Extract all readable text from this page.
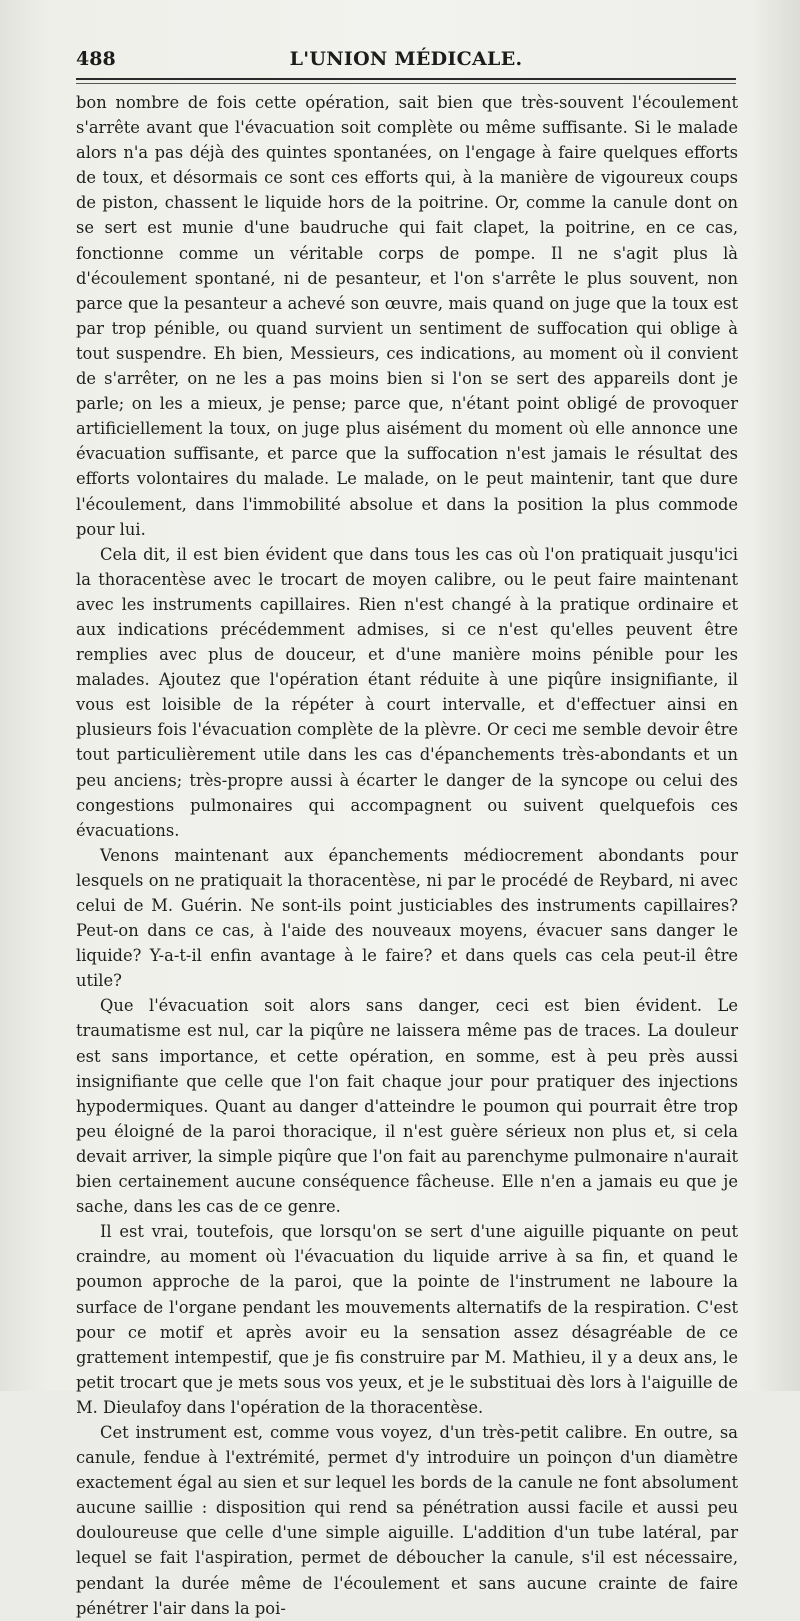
488	L'UNION MÉDICALE.

bon nombre de fois cette opération, sait bien que très-souvent l'écoulement s'arrête avant que l'évacuation soit complète ou même suffisante. Si le malade alors n'a pas déjà des quintes spontanées, on l'engage à faire quelques efforts de toux, et désormais ce sont ces efforts qui, à la manière de vigoureux coups de piston, chassent le liquide hors de la poitrine. Or, comme la canule dont on se sert est munie d'une baudruche qui fait clapet, la poitrine, en ce cas, fonctionne comme un véritable corps de pompe. Il ne s'agit plus là d'écoulement spontané, ni de pesanteur, et l'on s'arrête le plus souvent, non parce que la pesanteur a achevé son œuvre, mais quand on juge que la toux est par trop pénible, ou quand survient un sentiment de suffocation qui oblige à tout suspendre. Eh bien, Messieurs, ces indications, au moment où il convient de s'arrêter, on ne les a pas moins bien si l'on se sert des appareils dont je parle; on les a mieux, je pense; parce que, n'étant point obligé de provoquer artificiellement la toux, on juge plus aisément du moment où elle annonce une évacuation suffisante, et parce que la suffocation n'est jamais le résultat des efforts volontaires du malade. Le malade, on le peut maintenir, tant que dure l'écoulement, dans l'immobilité absolue et dans la position la plus commode pour lui.

Cela dit, il est bien évident que dans tous les cas où l'on pratiquait jusqu'ici la thoracentèse avec le trocart de moyen calibre, ou le peut faire maintenant avec les instruments capillaires. Rien n'est changé à la pratique ordinaire et aux indications précédemment admises, si ce n'est qu'elles peuvent être remplies avec plus de douceur, et d'une manière moins pénible pour les malades. Ajoutez que l'opération étant réduite à une piqûre insignifiante, il vous est loisible de la répéter à court intervalle, et d'effectuer ainsi en plusieurs fois l'évacuation complète de la plèvre. Or ceci me semble devoir être tout particulièrement utile dans les cas d'épanchements très-abondants et un peu anciens; très-propre aussi à écarter le danger de la syncope ou celui des congestions pulmonaires qui accompagnent ou suivent quelquefois ces évacuations.

Venons maintenant aux épanchements médiocrement abondants pour lesquels on ne pratiquait la thoracentèse, ni par le procédé de Reybard, ni avec celui de M. Guérin. Ne sont-ils point justiciables des instruments capillaires? Peut-on dans ce cas, à l'aide des nouveaux moyens, évacuer sans danger le liquide? Y-a-t-il enfin avantage à le faire? et dans quels cas cela peut-il être utile?

Que l'évacuation soit alors sans danger, ceci est bien évident. Le traumatisme est nul, car la piqûre ne laissera même pas de traces. La douleur est sans importance, et cette opération, en somme, est à peu près aussi insignifiante que celle que l'on fait chaque jour pour pratiquer des injections hypodermiques. Quant au danger d'atteindre le poumon qui pourrait être trop peu éloigné de la paroi thoracique, il n'est guère sérieux non plus et, si cela devait arriver, la simple piqûre que l'on fait au parenchyme pulmonaire n'aurait bien certainement aucune conséquence fâcheuse. Elle n'en a jamais eu que je sache, dans les cas de ce genre.

Il est vrai, toutefois, que lorsqu'on se sert d'une aiguille piquante on peut craindre, au moment où l'évacuation du liquide arrive à sa fin, et quand le poumon approche de la paroi, que la pointe de l'instrument ne laboure la surface de l'organe pendant les mouvements alternatifs de la respiration. C'est pour ce motif et après avoir eu la sensation assez désagréable de ce grattement intempestif, que je fis construire par M. Mathieu, il y a deux ans, le petit trocart que je mets sous vos yeux, et je le substituai dès lors à l'aiguille de M. Dieulafoy dans l'opération de la thoracentèse.

Cet instrument est, comme vous voyez, d'un très-petit calibre. En outre, sa canule, fendue à l'extrémité, permet d'y introduire un poinçon d'un diamètre exactement égal au sien et sur lequel les bords de la canule ne font absolument aucune saillie : disposition qui rend sa pénétration aussi facile et aussi peu douloureuse que celle d'une simple aiguille. L'addition d'un tube latéral, par lequel se fait l'aspiration, permet de déboucher la canule, s'il est nécessaire, pendant la durée même de l'écoulement et sans aucune crainte de faire pénétrer l'air dans la poi-
